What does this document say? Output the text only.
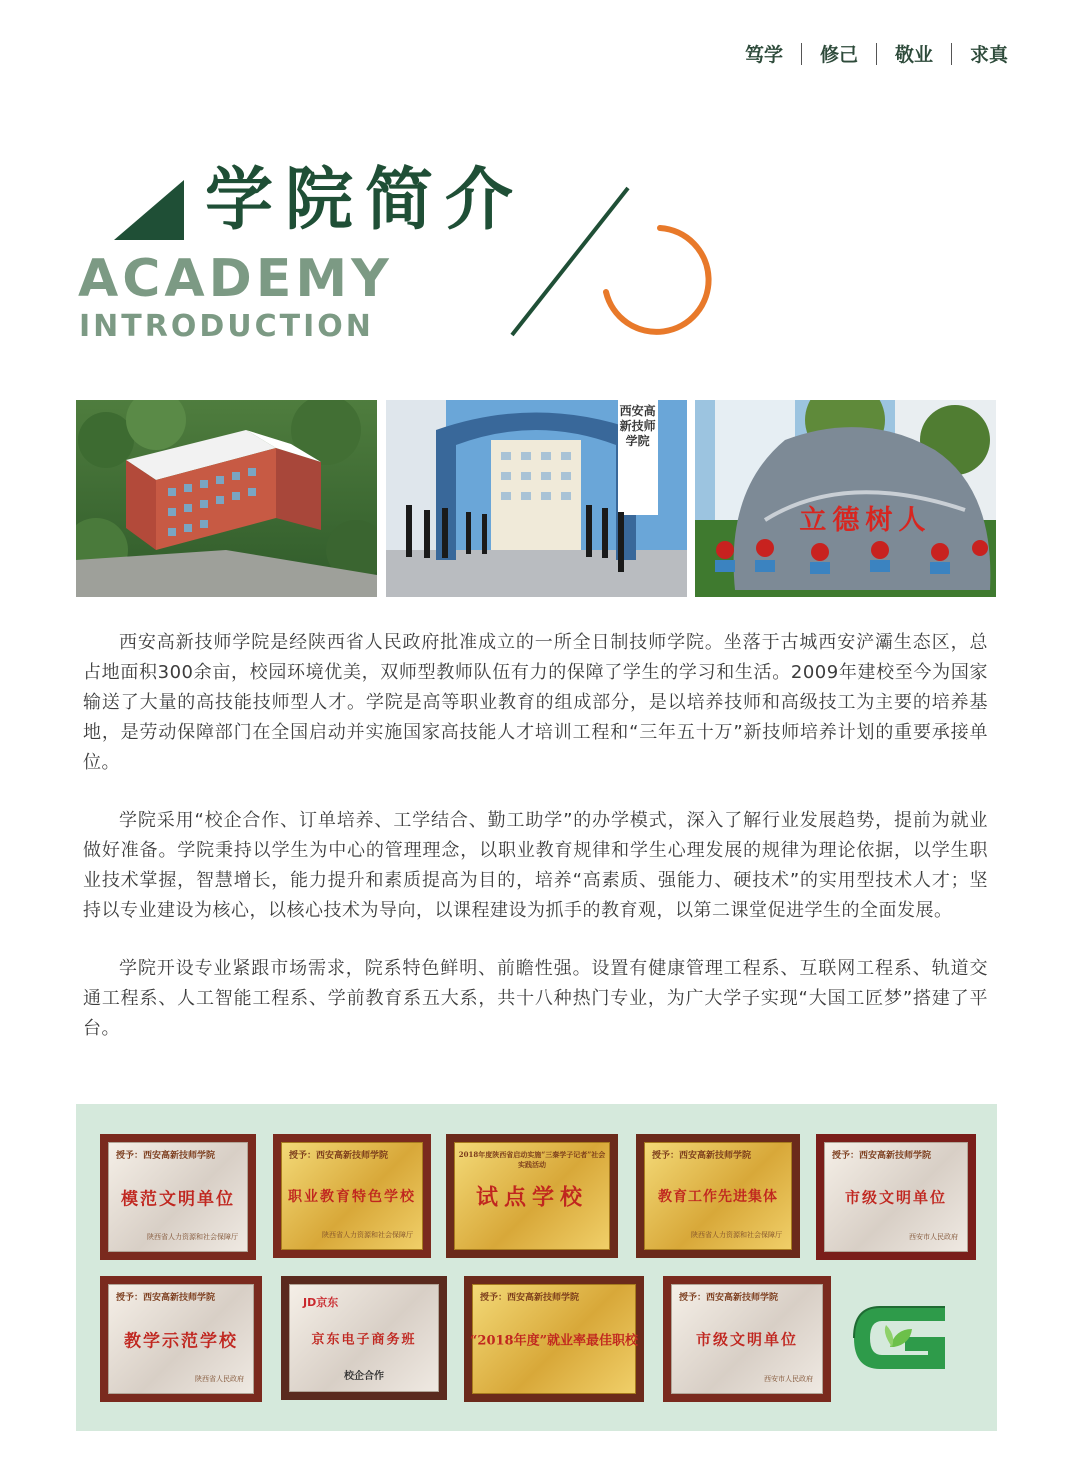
笃学 修己 敬业 求真
学院简介
ACADEMY
INTRODUCTION
西安高新技师学院
立德树人

西安高新技师学院是经陕西省人民政府批准成立的一所全日制技师学院。坐落于古城西安浐灞生态区，总占地面积300余亩，校园环境优美，双师型教师队伍有力的保障了学生的学习和生活。2009年建校至今为国家输送了大量的高技能技师型人才。学院是高等职业教育的组成部分，是以培养技师和高级技工为主要的培养基地，是劳动保障部门在全国启动并实施国家高技能人才培训工程和“三年五十万”新技师培养计划的重要承接单位。

学院采用“校企合作、订单培养、工学结合、勤工助学”的办学模式，深入了解行业发展趋势，提前为就业做好准备。学院秉持以学生为中心的管理理念，以职业教育规律和学生心理发展的规律为理论依据，以学生职业技术掌握，智慧增长，能力提升和素质提高为目的，培养“高素质、强能力、硬技术”的实用型技术人才；坚持以专业建设为核心，以核心技术为导向，以课程建设为抓手的教育观，以第二课堂促进学生的全面发展。

学院开设专业紧跟市场需求，院系特色鲜明、前瞻性强。设置有健康管理工程系、互联网工程系、轨道交通工程系、人工智能工程系、学前教育系五大系，共十八种热门专业，为广大学子实现“大国工匠梦”搭建了平台。

授予：西安高新技师学院
模范文明单位
陕西省人力资源和社会保障厅
授予：西安高新技师学院
职业教育特色学校
陕西省人力资源和社会保障厅
2018年度陕西省启动实施“三秦学子记者”社会实践活动
试点学校
授予：西安高新技师学院
教育工作先进集体
陕西省人力资源和社会保障厅
授予：西安高新技师学院
市级文明单位
西安市人民政府
授予：西安高新技师学院
教学示范学校
陕西省人民政府
JD京东
京东电子商务班
校企合作
授予：西安高新技师学院
“2018年度”就业率最佳职校
授予：西安高新技师学院
市级文明单位
西安市人民政府
